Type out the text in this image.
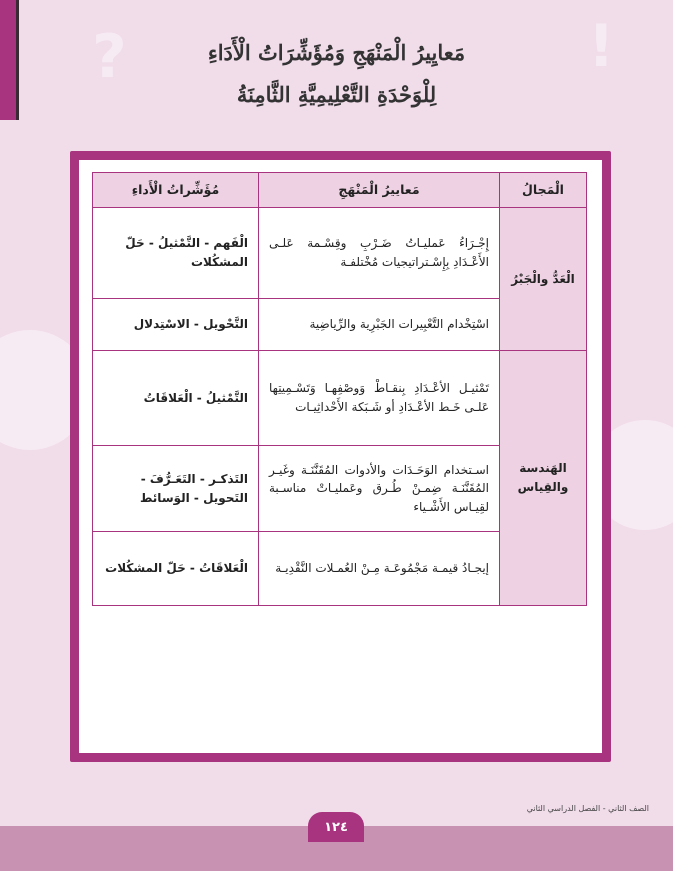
?	!
مَعايِيرُ الْمَنْهَجِ وَمُؤَشِّرَاتُ الْأَدَاءِ
لِلْوَحْدَةِ التَّعْلِيمِيَّةِ الثَّامِنَةُ
الْمَجالُ	مَعاييرُ الْمَنْهَجِ	مُؤَشِّراتُ الْأَداءِ
الْعَدُّ والْجَبْرُ	إِجْـرَاءُ عَمليـاتُ ضَـرْبِ وقِسْـمة عَلـى الأَعْـدَادِ بِإِسْـتراتيجيات مُخْتلفـة	الْفَهم - التَّمْثيلُ - حَلّ المشكُلات
	اسْتِخْدام التَّعْبِيرات الجَبْرِية والرِّياضِية	التَّحْويل - الاسْتِدلال
الهَندسة والقِياس	تَمْثيـل الأعْـدَادِ بِنقـاطْ وَوصْفِهـا وَتَسْـمِيتِها عَلـى خَـط الأعْـدَادِ أو شَـبَكة الأَحْداثِيـات	التَّمْثيلُ - الْعَلاقَاتُ
	اسـتخدام الوَحَـدَات والأدوات المُقَنَّنَـة وغَيـر المُقَنَّنَـة ضِمـنْ طُـرق وعَمليـاتْ مناسـبة لقِيـاس الأَشْـياء	التَذكـر - التَعَـرُّفَ - التَحويل - الوَسائط
	إيجـادُ قيمـة مَجْمُوعَـة مِـنْ العُمـلات النَّقْدِيـة	الْعَلاقَاتُ - حَلّ المشكُلات
الصف الثاني - الفصل الدراسي الثاني
١٢٤
